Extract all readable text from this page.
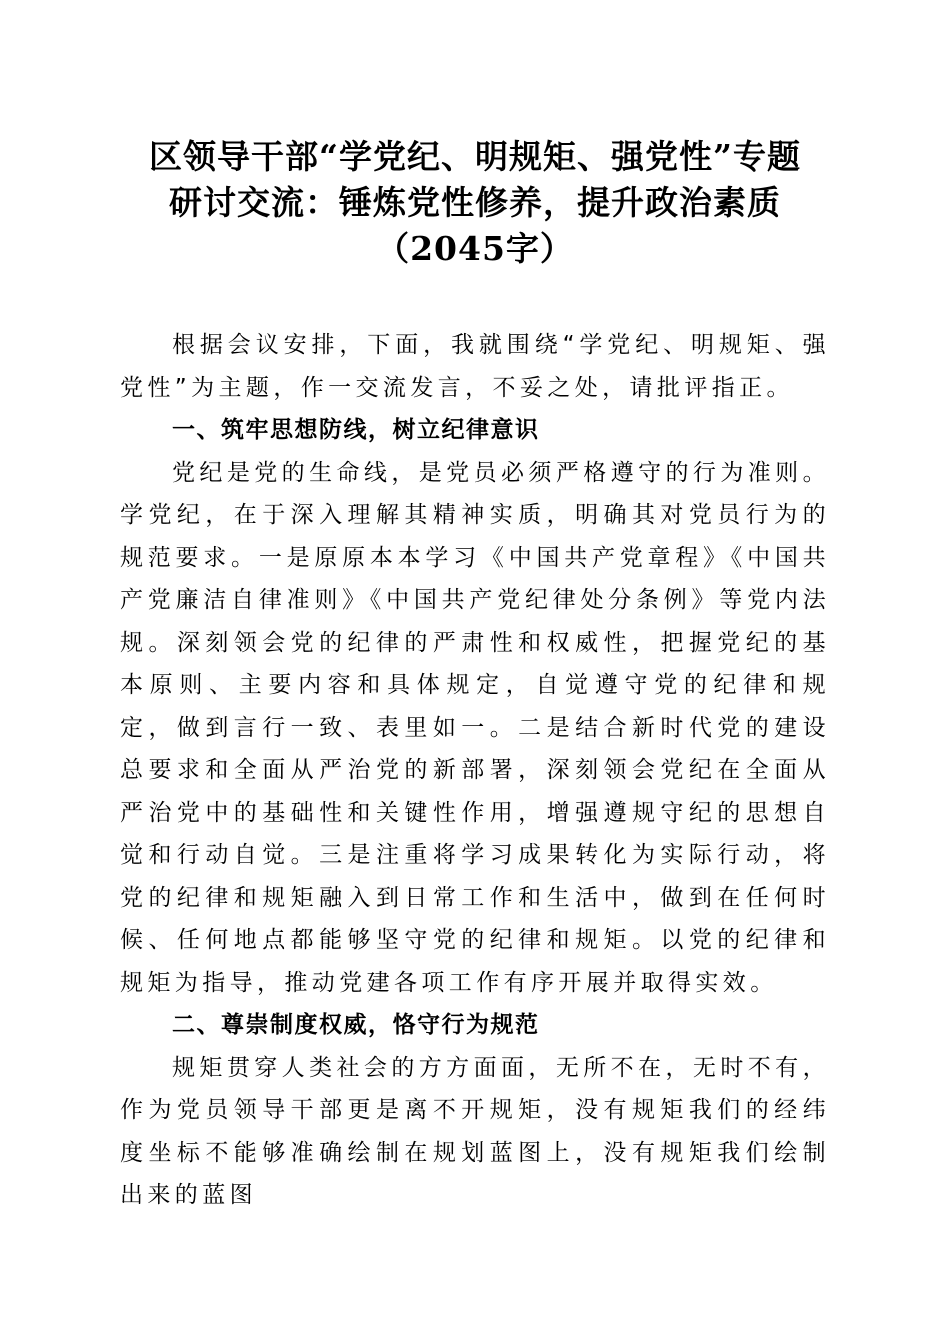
区领导干部“学党纪、明规矩、强党性”专题
研讨交流：锤炼党性修养，提升政治素质
（2045字）

根据会议安排，下面，我就围绕“学党纪、明规矩、强党性”为主题，作一交流发言，不妥之处，请批评指正。

一、筑牢思想防线，树立纪律意识

党纪是党的生命线，是党员必须严格遵守的行为准则。学党纪，在于深入理解其精神实质，明确其对党员行为的规范要求。一是原原本本学习《中国共产党章程》《中国共产党廉洁自律准则》《中国共产党纪律处分条例》等党内法规。深刻领会党的纪律的严肃性和权威性，把握党纪的基本原则、主要内容和具体规定，自觉遵守党的纪律和规定，做到言行一致、表里如一。二是结合新时代党的建设总要求和全面从严治党的新部署，深刻领会党纪在全面从严治党中的基础性和关键性作用，增强遵规守纪的思想自觉和行动自觉。三是注重将学习成果转化为实际行动，将党的纪律和规矩融入到日常工作和生活中，做到在任何时候、任何地点都能够坚守党的纪律和规矩。以党的纪律和规矩为指导，推动党建各项工作有序开展并取得实效。

二、尊崇制度权威，恪守行为规范

规矩贯穿人类社会的方方面面，无所不在，无时不有，作为党员领导干部更是离不开规矩，没有规矩我们的经纬度坐标不能够准确绘制在规划蓝图上，没有规矩我们绘制出来的蓝图
